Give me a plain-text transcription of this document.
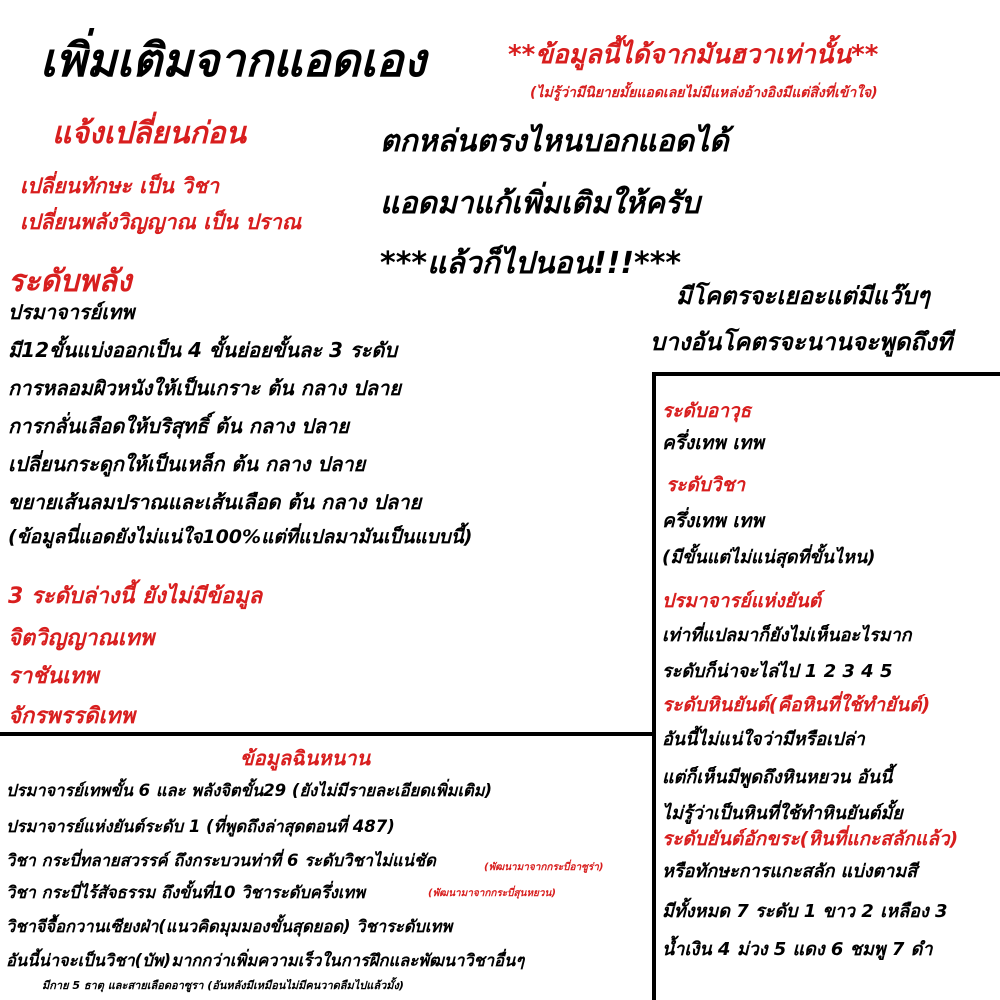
เพิ่มเติมจากแอดเอง	**ข้อมูลนี้ได้จากมันฮวาเท่านั้น**
(ไม่รู้ว่ามีนิยายมั้ยแอดเลยไม่มีแหล่งอ้างอิงมีแต่สิ่งที่เข้าใจ)
แจ้งเปลี่ยนก่อน
เปลี่ยนทักษะ เป็น วิชา
เปลี่ยนพลังวิญญาณ เป็น ปราณ
ตกหล่นตรงไหนบอกแอดได้
แอดมาแก้เพิ่มเติมให้ครับ
***แล้วก็ไปนอน!!!***
มีโคตรจะเยอะแต่มีแว๊บๆ
บางอันโคตรจะนานจะพูดถึงที
ระดับพลัง
ปรมาจารย์เทพ
มี12ขั้นแบ่งออกเป็น 4 ขั้นย่อยขั้นละ 3 ระดับ
การหลอมผิวหนังให้เป็นเกราะ ต้น กลาง ปลาย
การกลั่นเลือดให้บริสุทธิ์ ต้น กลาง ปลาย
เปลี่ยนกระดูกให้เป็นเหล็ก ต้น กลาง ปลาย
ขยายเส้นลมปราณและเส้นเลือด ต้น กลาง ปลาย
(ข้อมูลนี่แอดยังไม่แน่ใจ100%แต่ที่แปลมามันเป็นแบบนี้)
3 ระดับล่างนี้ ยังไม่มีข้อมูล
จิตวิญญาณเทพ
ราชันเทพ
จักรพรรดิเทพ
ระดับอาวุธ
ครึ่งเทพ เทพ
ระดับวิชา
ครึ่งเทพ เทพ
(มีขั้นแต่ไม่แน่สุดที่ขั้นไหน)
ปรมาจารย์แห่งยันต์
เท่าที่แปลมาก็ยังไม่เห็นอะไรมาก
ระดับก็น่าจะไล่ไป 1 2 3 4 5
ระดับหินยันต์(คือหินที่ใช้ทำยันต์)
อันนี้ไม่แน่ใจว่ามีหรือเปล่า
แต่ก็เห็นมีพูดถึงหินหยวน อันนี้
ไม่รู้ว่าเป็นหินที่ใช้ทำหินยันต์มั้ย
ระดับยันต์อักขระ(หินที่แกะสลักแล้ว)
หรือทักษะการแกะสลัก แบ่งตามสี
มีทั้งหมด 7 ระดับ 1 ขาว 2 เหลือง 3
น้ำเงิน 4 ม่วง 5 แดง 6 ชมพู 7 ดำ
ข้อมูลฉินหนาน
ปรมาจารย์เทพขั้น 6 และ พลังจิตขั้น29 (ยังไม่มีรายละเอียดเพิ่มเติม)
ปรมาจารย์แห่งยันต์ระดับ 1 (ที่พูดถึงล่าสุดตอนที่ 487)
วิชา กระบี่ทลายสวรรค์ ถึงกระบวนท่าที่ 6 ระดับวิชาไม่แน่ชัด	(พัฒนามาจากกระบี่อาซูร่า)
วิชา กระบี่ไร้สัจธรรม ถึงขั้นที่10 วิชาระดับครึ่งเทพ	(พัฒนามาจากกระบี่สุนหยวน)
วิชาจีจื้อกวานเซียงฝ่า(แนวคิดมุมมองขั้นสุดยอด) วิชาระดับเทพ
อันนี้น่าจะเป็นวิชา(บัพ)มากกว่าเพิ่มความเร็วในการฝึกและพัฒนาวิชาอื่นๆ
มีกาย 5 ธาตุ และสายเลือดอาซูรา (อันหลังมีเหมือนไม่มีคนวาดลืมไปแล้วมั้ง)
